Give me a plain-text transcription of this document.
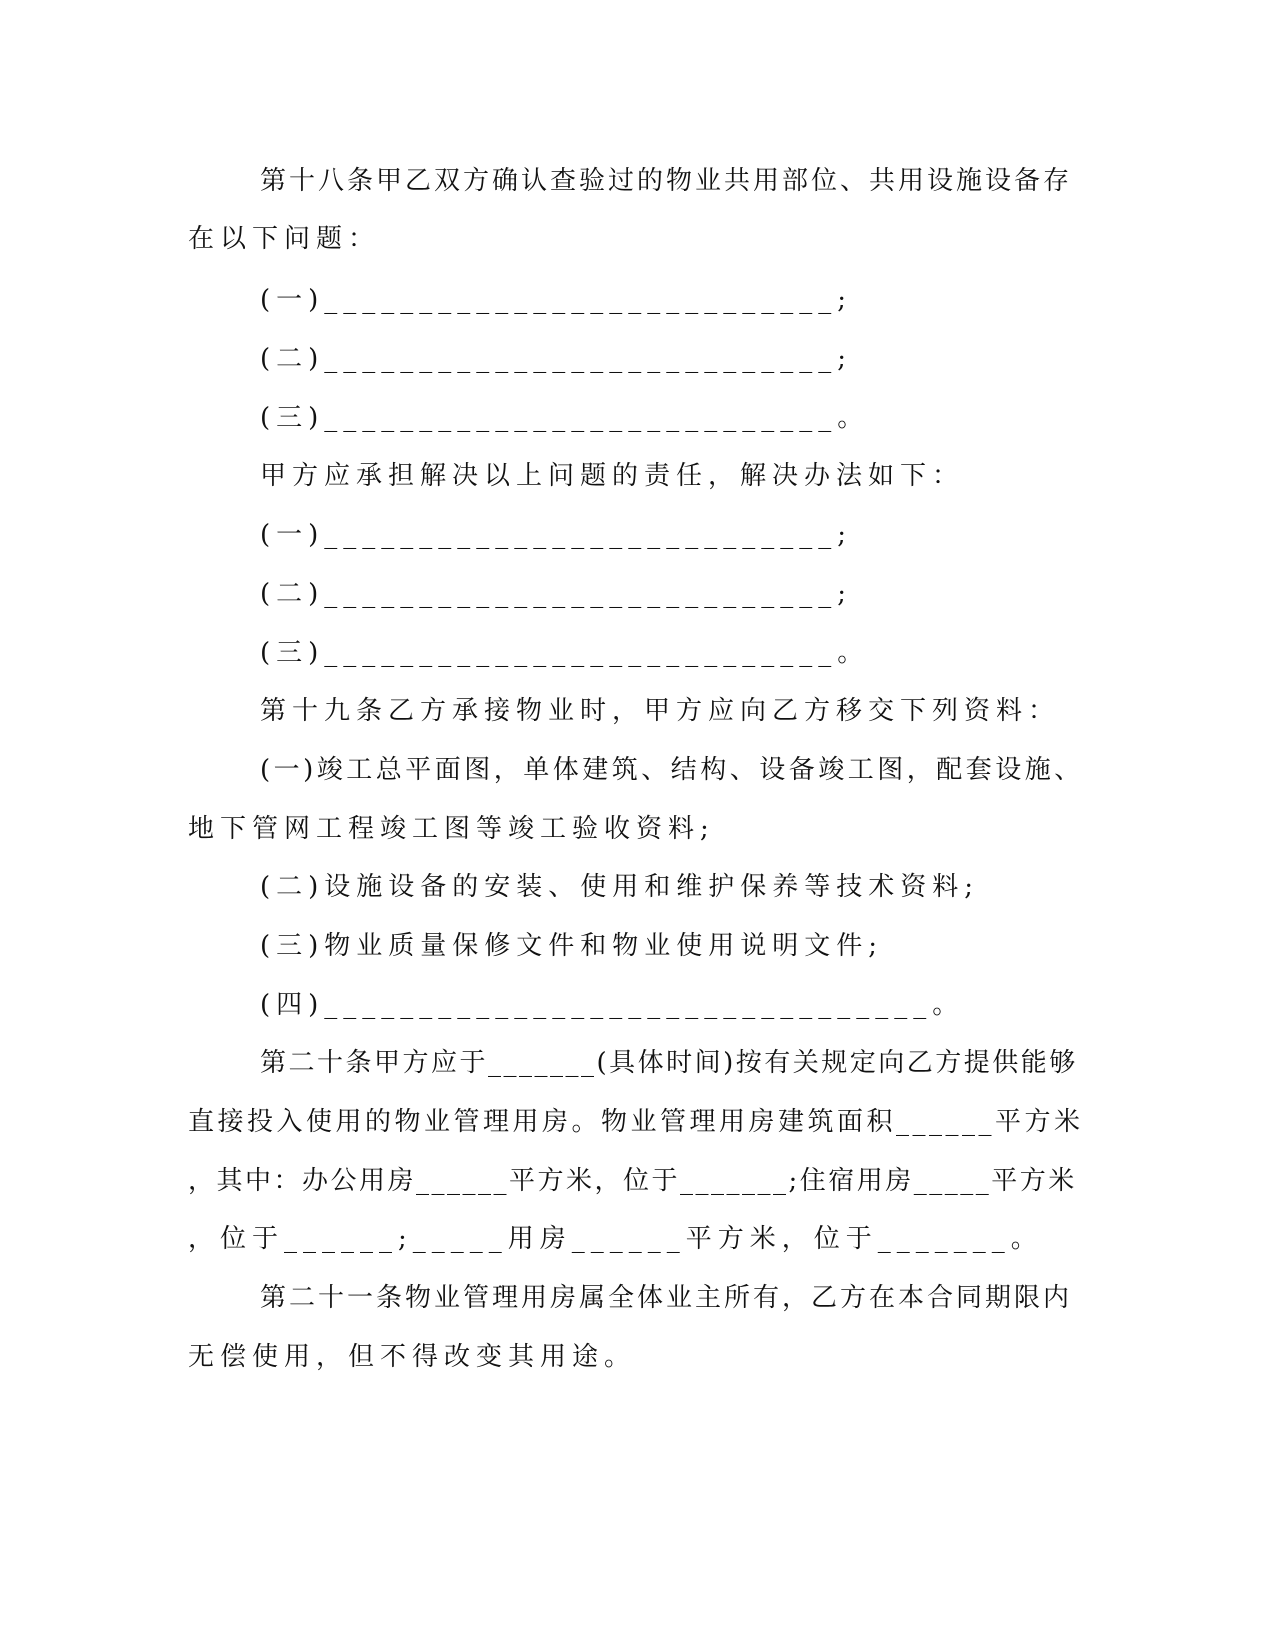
第十八条甲乙双方确认查验过的物业共用部位、共用设施设备存
在以下问题：
(一)___________________________;
(二)___________________________;
(三)___________________________。
甲方应承担解决以上问题的责任，解决办法如下：
(一)___________________________;
(二)___________________________;
(三)___________________________。
第十九条乙方承接物业时，甲方应向乙方移交下列资料：
(一)竣工总平面图，单体建筑、结构、设备竣工图，配套设施、
地下管网工程竣工图等竣工验收资料;
(二)设施设备的安装、使用和维护保养等技术资料;
(三)物业质量保修文件和物业使用说明文件;
(四)________________________________。
第二十条甲方应于_______(具体时间)按有关规定向乙方提供能够
直接投入使用的物业管理用房。物业管理用房建筑面积______平方米
，其中：办公用房______平方米，位于_______;住宿用房_____平方米
，位于______;_____用房______平方米，位于_______。
第二十一条物业管理用房属全体业主所有，乙方在本合同期限内
无偿使用，但不得改变其用途。
